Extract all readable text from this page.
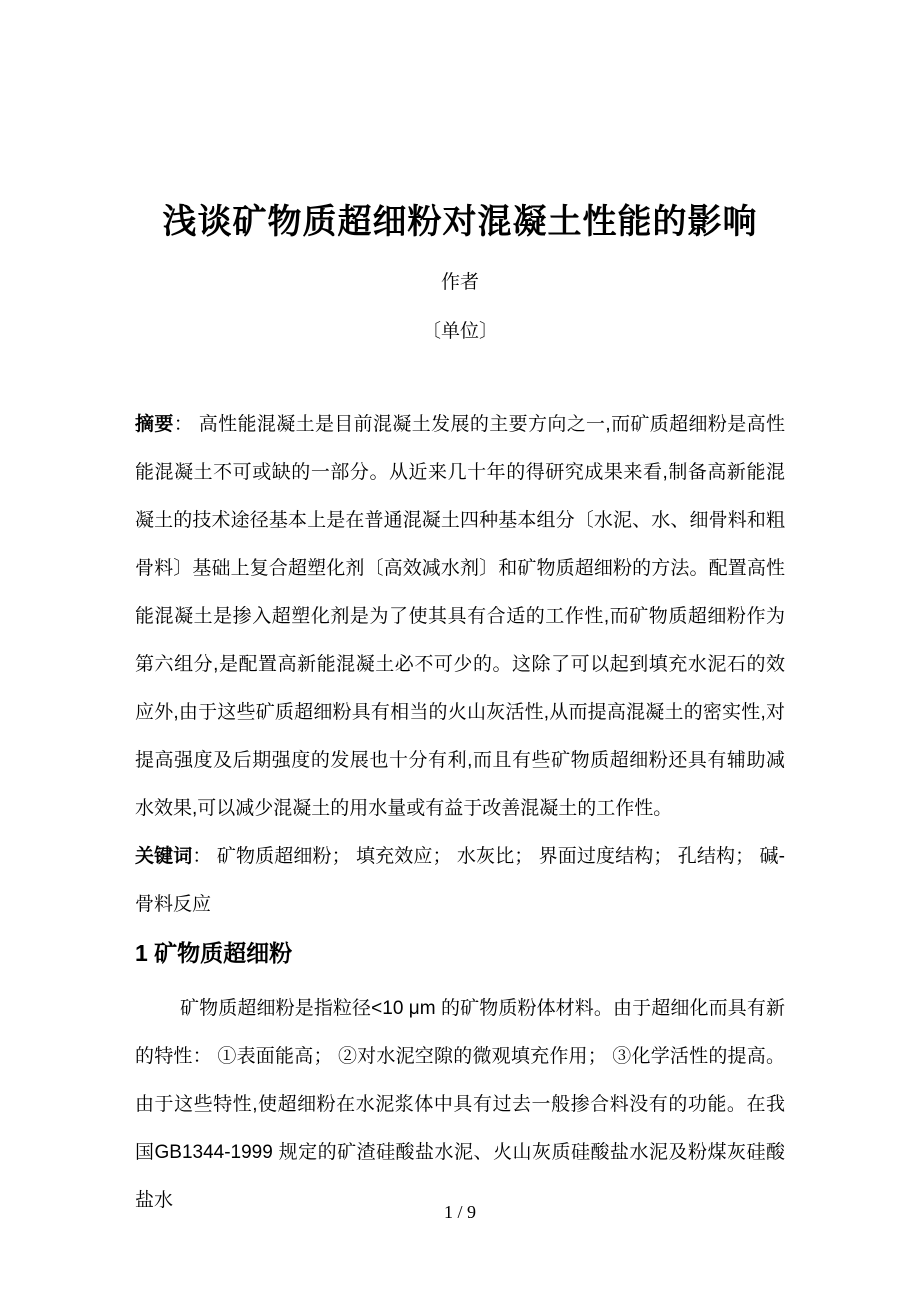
浅谈矿物质超细粉对混凝土性能的影响
作者
〔单位〕

摘要： 高性能混凝土是目前混凝土发展的主要方向之一,而矿质超细粉是高性能混凝土不可或缺的一部分。从近来几十年的得研究成果来看,制备高新能混凝土的技术途径基本上是在普通混凝土四种基本组分〔水泥、水、细骨料和粗骨料〕基础上复合超塑化剂〔高效减水剂〕和矿物质超细粉的方法。配置高性能混凝土是掺入超塑化剂是为了使其具有合适的工作性,而矿物质超细粉作为第六组分,是配置高新能混凝土必不可少的。这除了可以起到填充水泥石的效应外,由于这些矿质超细粉具有相当的火山灰活性,从而提高混凝土的密实性,对提高强度及后期强度的发展也十分有利,而且有些矿物质超细粉还具有辅助减水效果,可以减少混凝土的用水量或有益于改善混凝土的工作性。

关键词： 矿物质超细粉； 填充效应； 水灰比； 界面过度结构； 孔结构； 碱-骨料反应

1 矿物质超细粉

矿物质超细粉是指粒径<10 μm 的矿物质粉体材料。由于超细化而具有新的特性： ①表面能高； ②对水泥空隙的微观填充作用； ③化学活性的提高。由于这些特性,使超细粉在水泥浆体中具有过去一般掺合料没有的功能。在我国GB1344-1999 规定的矿渣硅酸盐水泥、火山灰质硅酸盐水泥及粉煤灰硅酸盐水

1 / 9
